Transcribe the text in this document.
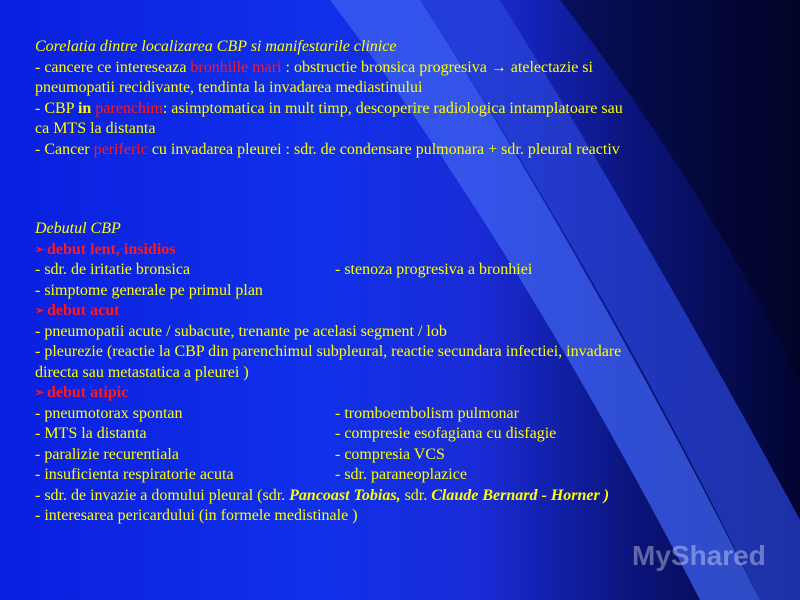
Corelatia dintre localizarea CBP si manifestarile clinice
- cancere ce intereseaza bronhiile mari : obstructie bronsica progresiva → atelectazie si
pneumopatii recidivante, tendinta la invadarea mediastinului
- CBP in parenchim: asimptomatica in mult timp, descoperire radiologica intamplatoare sau
ca MTS la distanta
- Cancer periferic cu invadarea pleurei : sdr. de condensare pulmonara + sdr. pleural reactiv
Debutul CBP
➢ debut lent, insidios
- sdr. de iritatie bronsica	- stenoza progresiva a bronhiei
- simptome generale pe primul plan
➢ debut acut
- pneumopatii acute / subacute, trenante pe acelasi segment / lob
- pleurezie (reactie la CBP din parenchimul subpleural, reactie secundara infectiei, invadare
directa sau metastatica a pleurei )
➢ debut atipic
- pneumotorax spontan	- tromboembolism pulmonar
- MTS la distanta	- compresie esofagiana cu disfagie
- paralizie recurentiala	- compresia VCS
- insuficienta respiratorie acuta	- sdr. paraneoplazice
- sdr. de invazie a domului pleural (sdr. Pancoast Tobias, sdr. Claude Bernard - Horner )
- interesarea pericardului (in formele medistinale )
MyShared
